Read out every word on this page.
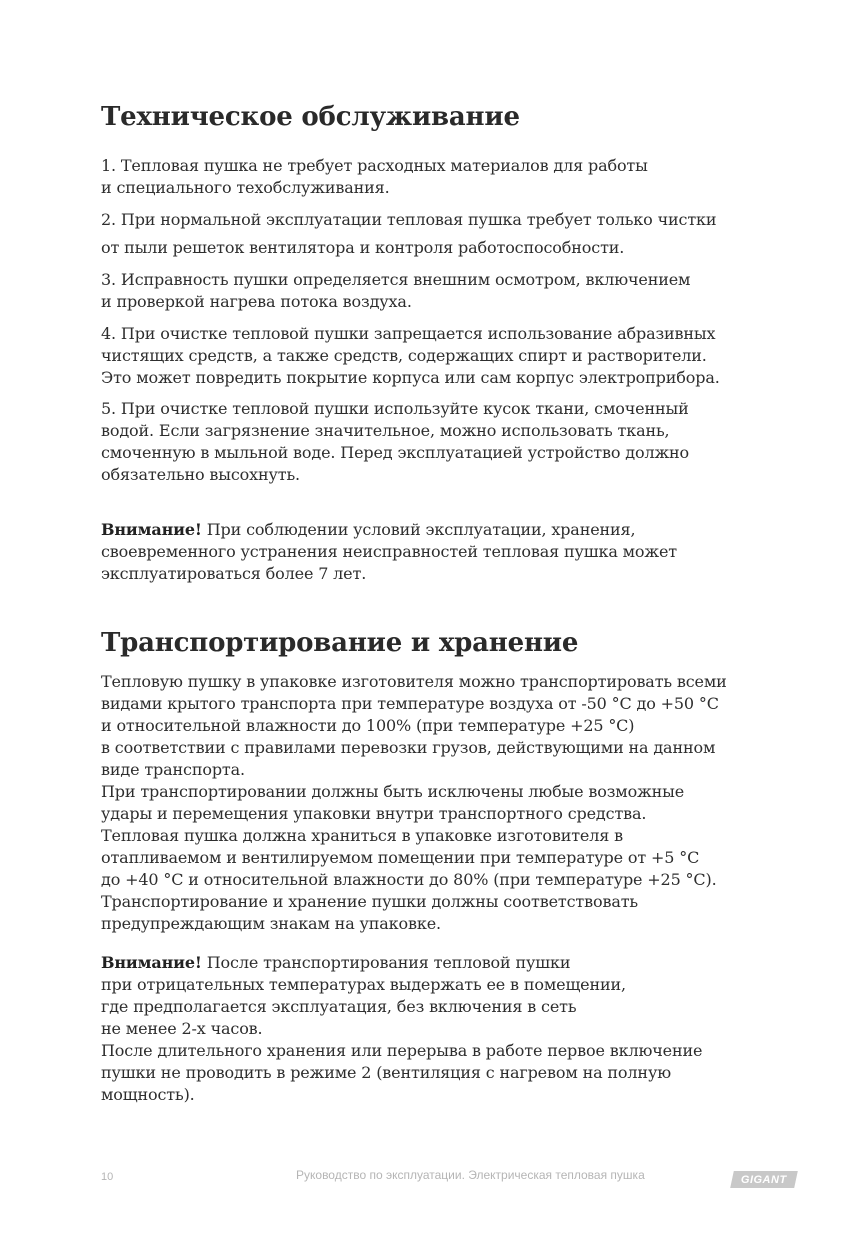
Техническое обслуживание

1. Тепловая пушка не требует расходных материалов для работы
и специального техобслуживания.

2. При нормальной эксплуатации тепловая пушка требует только чистки

от пыли решеток вентилятора и контроля работоспособности.

3. Исправность пушки определяется внешним осмотром, включением
и проверкой нагрева потока воздуха.

4. При очистке тепловой пушки запрещается использование абразивных
чистящих средств, а также средств, содержащих спирт и растворители.
Это может повредить покрытие корпуса или сам корпус электроприбора.

5. При очистке тепловой пушки используйте кусок ткани, смоченный
водой. Если загрязнение значительное, можно использовать ткань,
смоченную в мыльной воде. Перед эксплуатацией устройство должно
обязательно высохнуть.

Внимание! При соблюдении условий эксплуатации, хранения,
своевременного устранения неисправностей тепловая пушка может
эксплуатироваться более 7 лет.

Транспортирование и хранение

Тепловую пушку в упаковке изготовителя можно транспортировать всеми
видами крытого транспорта при температуре воздуха от -50 °С до +50 °С
и относительной влажности до 100% (при температуре +25 °С)
в соответствии с правилами перевозки грузов, действующими на данном
виде транспорта.
При транспортировании должны быть исключены любые возможные
удары и перемещения упаковки внутри транспортного средства.
Тепловая пушка должна храниться в упаковке изготовителя в
отапливаемом и вентилируемом помещении при температуре от +5 °С
до +40 °С и относительной влажности до 80% (при температуре +25 °С).
Транспортирование и хранение пушки должны соответствовать
предупреждающим знакам на упаковке.

Внимание! После транспортирования тепловой пушки
при отрицательных температурах выдержать ее в помещении,
где предполагается эксплуатация, без включения в сеть
не менее 2-х часов.
После длительного хранения или перерыва в работе первое включение
пушки не проводить в режиме 2 (вентиляция с нагревом на полную
мощность).

10	Руководство по эксплуатации. Электрическая тепловая пушка	GIGANT
